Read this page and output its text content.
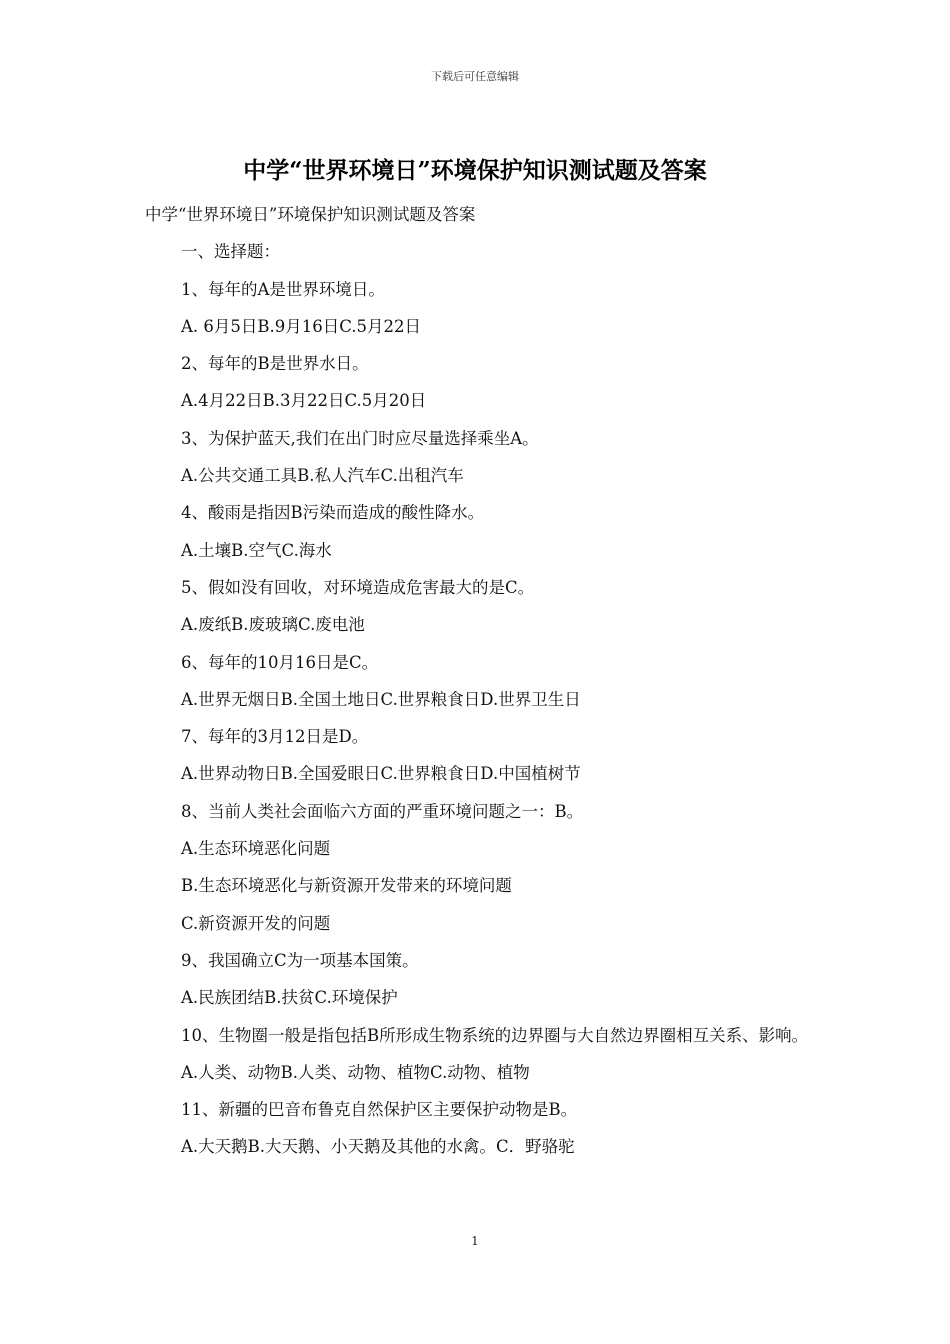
下载后可任意编辑
中学“世界环境日”环境保护知识测试题及答案

中学“世界环境日”环境保护知识测试题及答案

一、选择题：

1、每年的A是世界环境日。

A. 6月5日B.9月16日C.5月22日

2、每年的B是世界水日。

A.4月22日B.3月22日C.5月20日

3、为保护蓝天,我们在出门时应尽量选择乘坐A。

A.公共交通工具B.私人汽车C.出租汽车

4、酸雨是指因B污染而造成的酸性降水。

A.土壤B.空气C.海水

5、假如没有回收，对环境造成危害最大的是C。

A.废纸B.废玻璃C.废电池

6、每年的10月16日是C。

A.世界无烟日B.全国土地日C.世界粮食日D.世界卫生日

7、每年的3月12日是D。

A.世界动物日B.全国爱眼日C.世界粮食日D.中国植树节

8、当前人类社会面临六方面的严重环境问题之一：B。

A.生态环境恶化问题

B.生态环境恶化与新资源开发带来的环境问题

C.新资源开发的问题

9、我国确立C为一项基本国策。

A.民族团结B.扶贫C.环境保护

10、生物圈一般是指包括B所形成生物系统的边界圈与大自然边界圈相互关系、影响。

A.人类、动物B.人类、动物、植物C.动物、植物

11、新疆的巴音布鲁克自然保护区主要保护动物是B。

A.大天鹅B.大天鹅、小天鹅及其他的水禽。C．野骆驼

1
